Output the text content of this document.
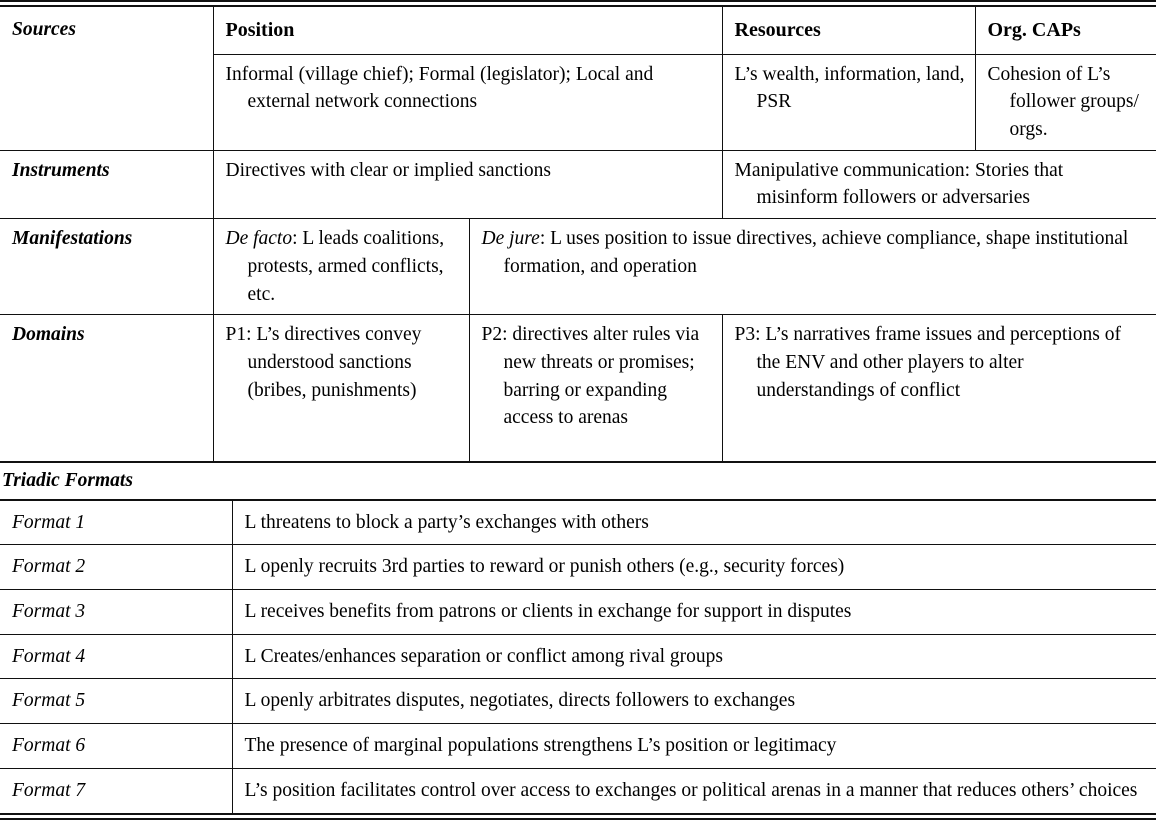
Sources	Position		Resources	Org. CAPs

	Informal (village chief); Formal (legislator); Local and external network connections		L’s wealth, information, land, PSR	Cohesion of L’s follower groups/ orgs.

Instruments	Directives with clear or implied sanctions		Manipulative communication: Stories that misinform followers or adversaries	

Manifestations	De facto: L leads coalitions, protests, armed conflicts, etc.	De jure: L uses position to issue directives, achieve compliance, shape institutional formation, and operation		

Domains	P1: L’s directives convey understood sanctions (bribes, punishments)	P2: directives alter rules via new threats or promises; barring or expanding access to arenas	P3: L’s narratives frame issues and perceptions of the ENV and other players to alter understandings of conflict	

Triadic Formats
Format 1	L threatens to block a party’s exchanges with others

Format 2	L openly recruits 3rd parties to reward or punish others (e.g., security forces)

Format 3	L receives benefits from patrons or clients in exchange for support in disputes

Format 4	L Creates/enhances separation or conflict among rival groups

Format 5	L openly arbitrates disputes, negotiates, directs followers to exchanges

Format 6	The presence of marginal populations strengthens L’s position or legitimacy

Format 7	L’s position facilitates control over access to exchanges or political arenas in a manner that reduces others’ choices
